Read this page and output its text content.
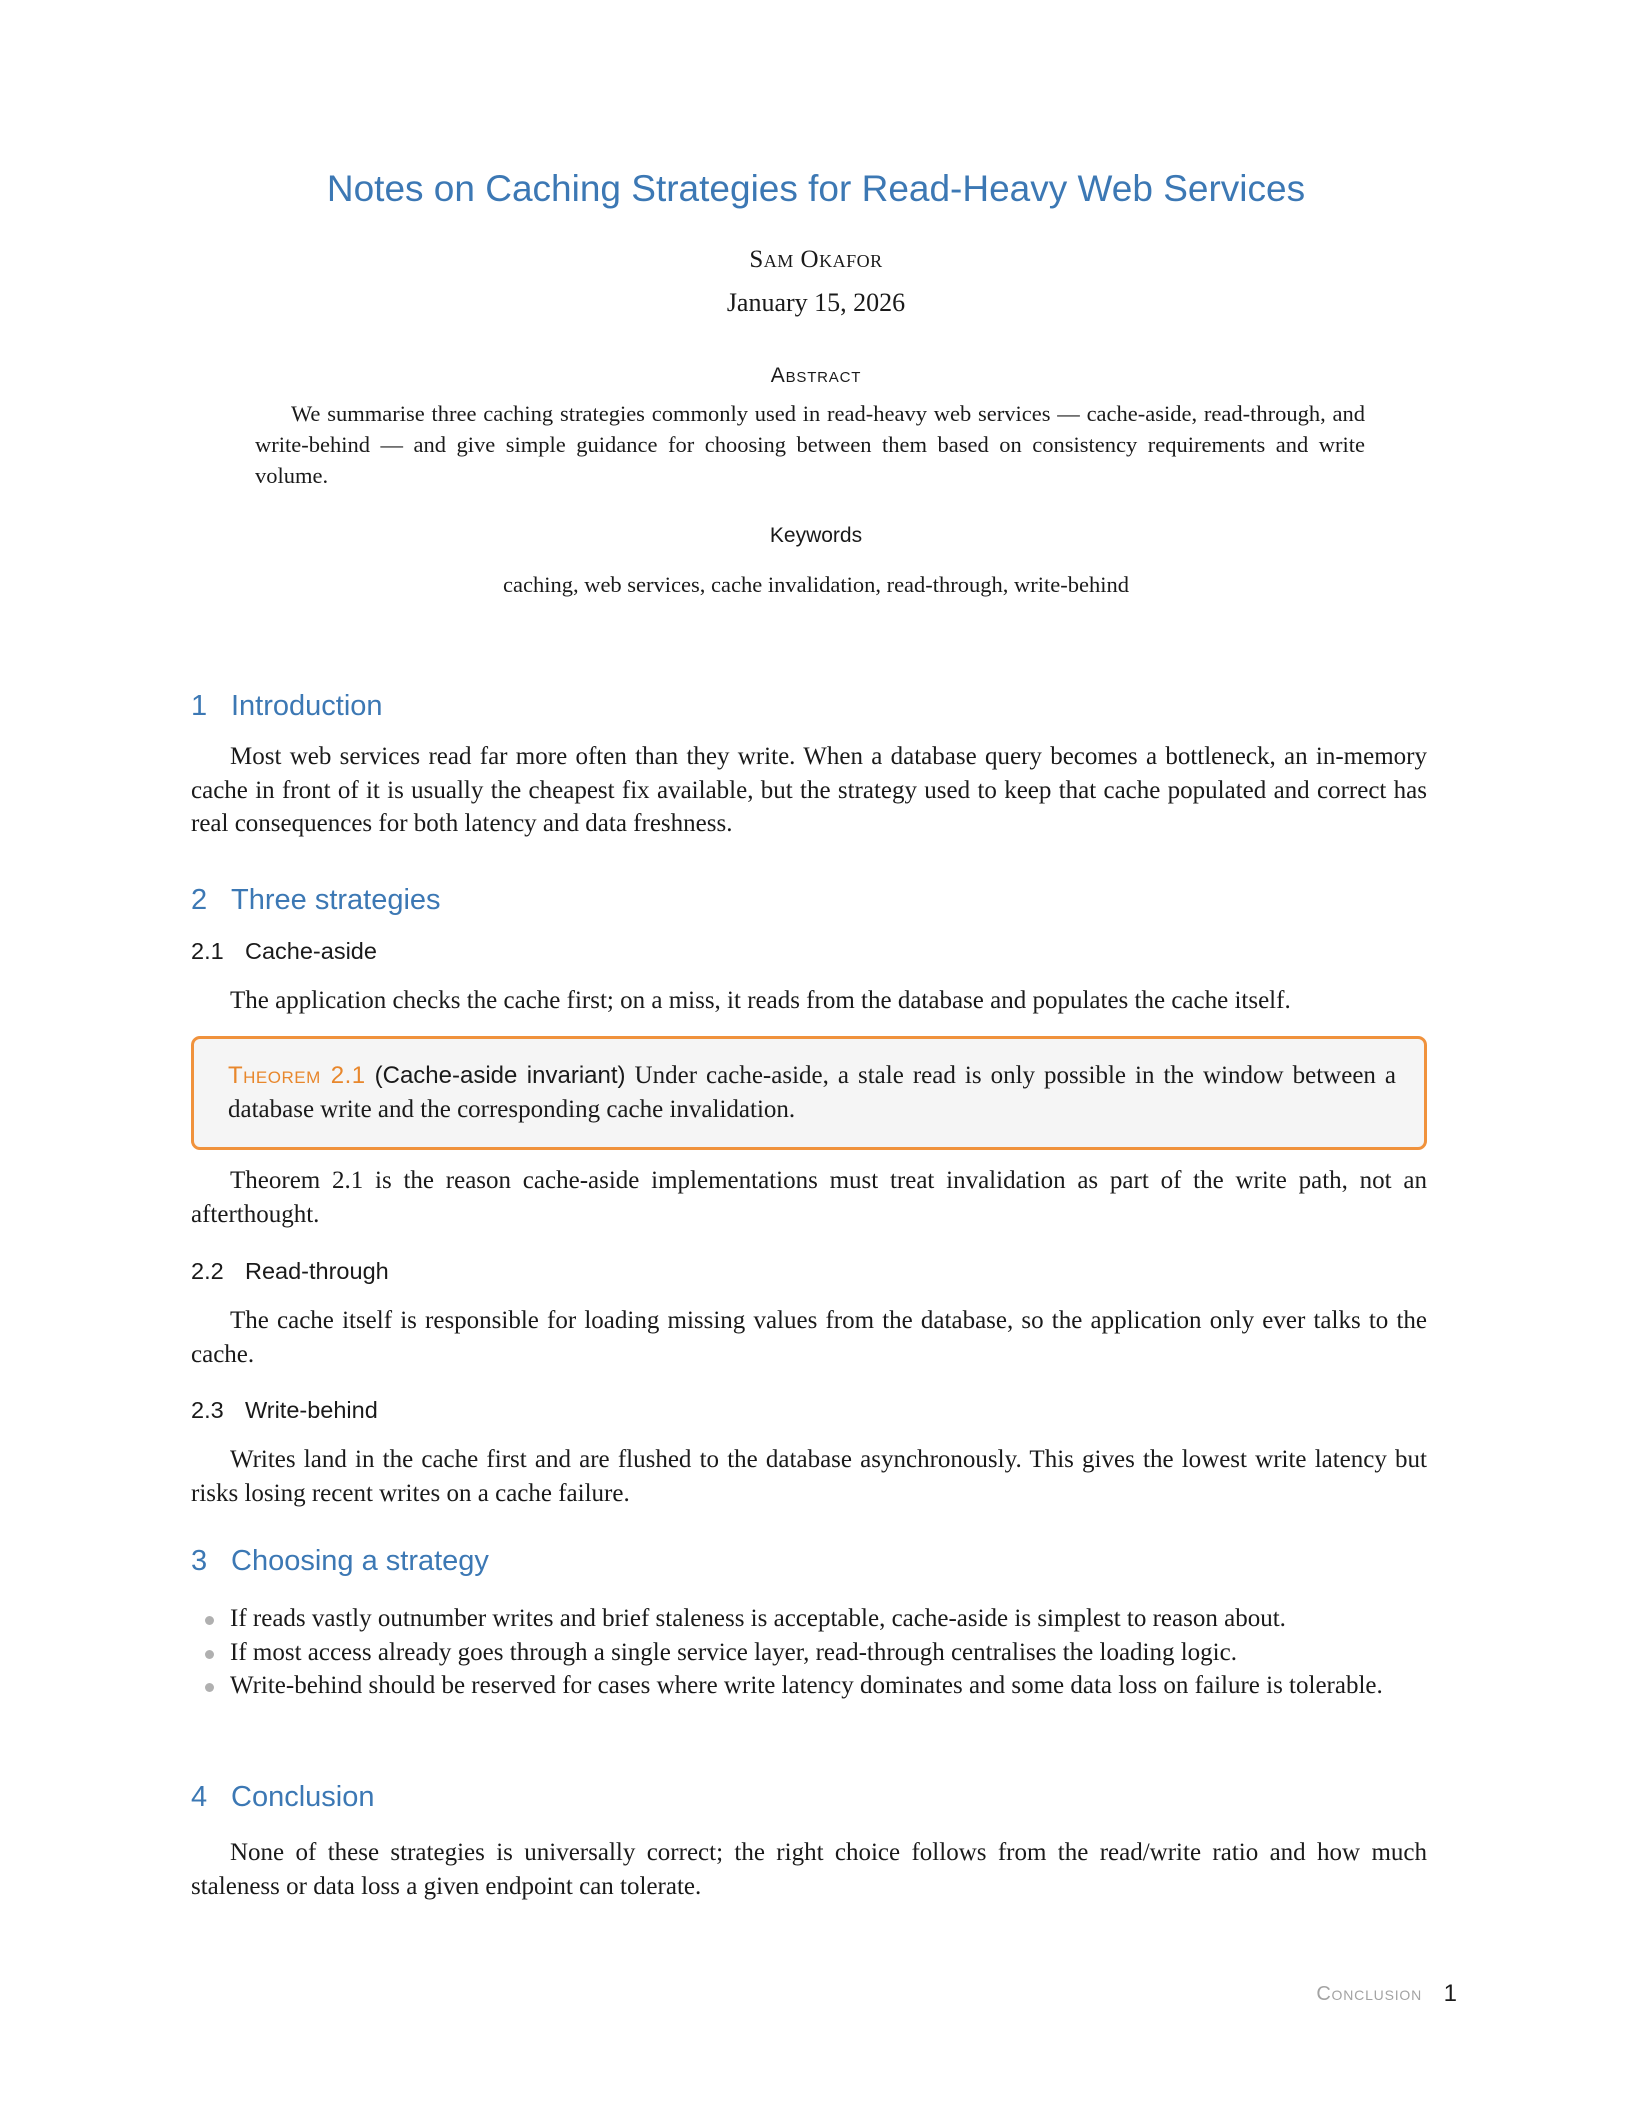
Notes on Caching Strategies for Read-Heavy Web Services
Sam Okafor
January 15, 2026
Abstract

We summarise three caching strategies commonly used in read-heavy web services — cache-aside, read-through, and write-behind — and give simple guidance for choosing between them based on consistency requirements and write volume.

Keywords
caching, web services, cache invalidation, read-through, write-behind
1 Introduction

Most web services read far more often than they write. When a database query becomes a bottleneck, an in-memory cache in front of it is usually the cheapest fix available, but the strategy used to keep that cache populated and correct has real consequences for both latency and data freshness.

2 Three strategies
2.1 Cache-aside

The application checks the cache first; on a miss, it reads from the database and populates the cache itself.

Theorem 2.1 (Cache-aside invariant) Under cache-aside, a stale read is only possible in the window between a database write and the corresponding cache invalidation.

Theorem 2.1 is the reason cache-aside implementations must treat invalidation as part of the write path, not an afterthought.

2.2 Read-through

The cache itself is responsible for loading missing values from the database, so the application only ever talks to the cache.

2.3 Write-behind

Writes land in the cache first and are flushed to the database asynchronously. This gives the lowest write latency but risks losing recent writes on a cache failure.

3 Choosing a strategy
If reads vastly outnumber writes and brief staleness is acceptable, cache-aside is simplest to reason about.
If most access already goes through a single service layer, read-through centralises the loading logic.
Write-behind should be reserved for cases where write latency dominates and some data loss on failure is tolerable.
4 Conclusion

None of these strategies is universally correct; the right choice follows from the read/write ratio and how much staleness or data loss a given endpoint can tolerate.

Conclusion 1
